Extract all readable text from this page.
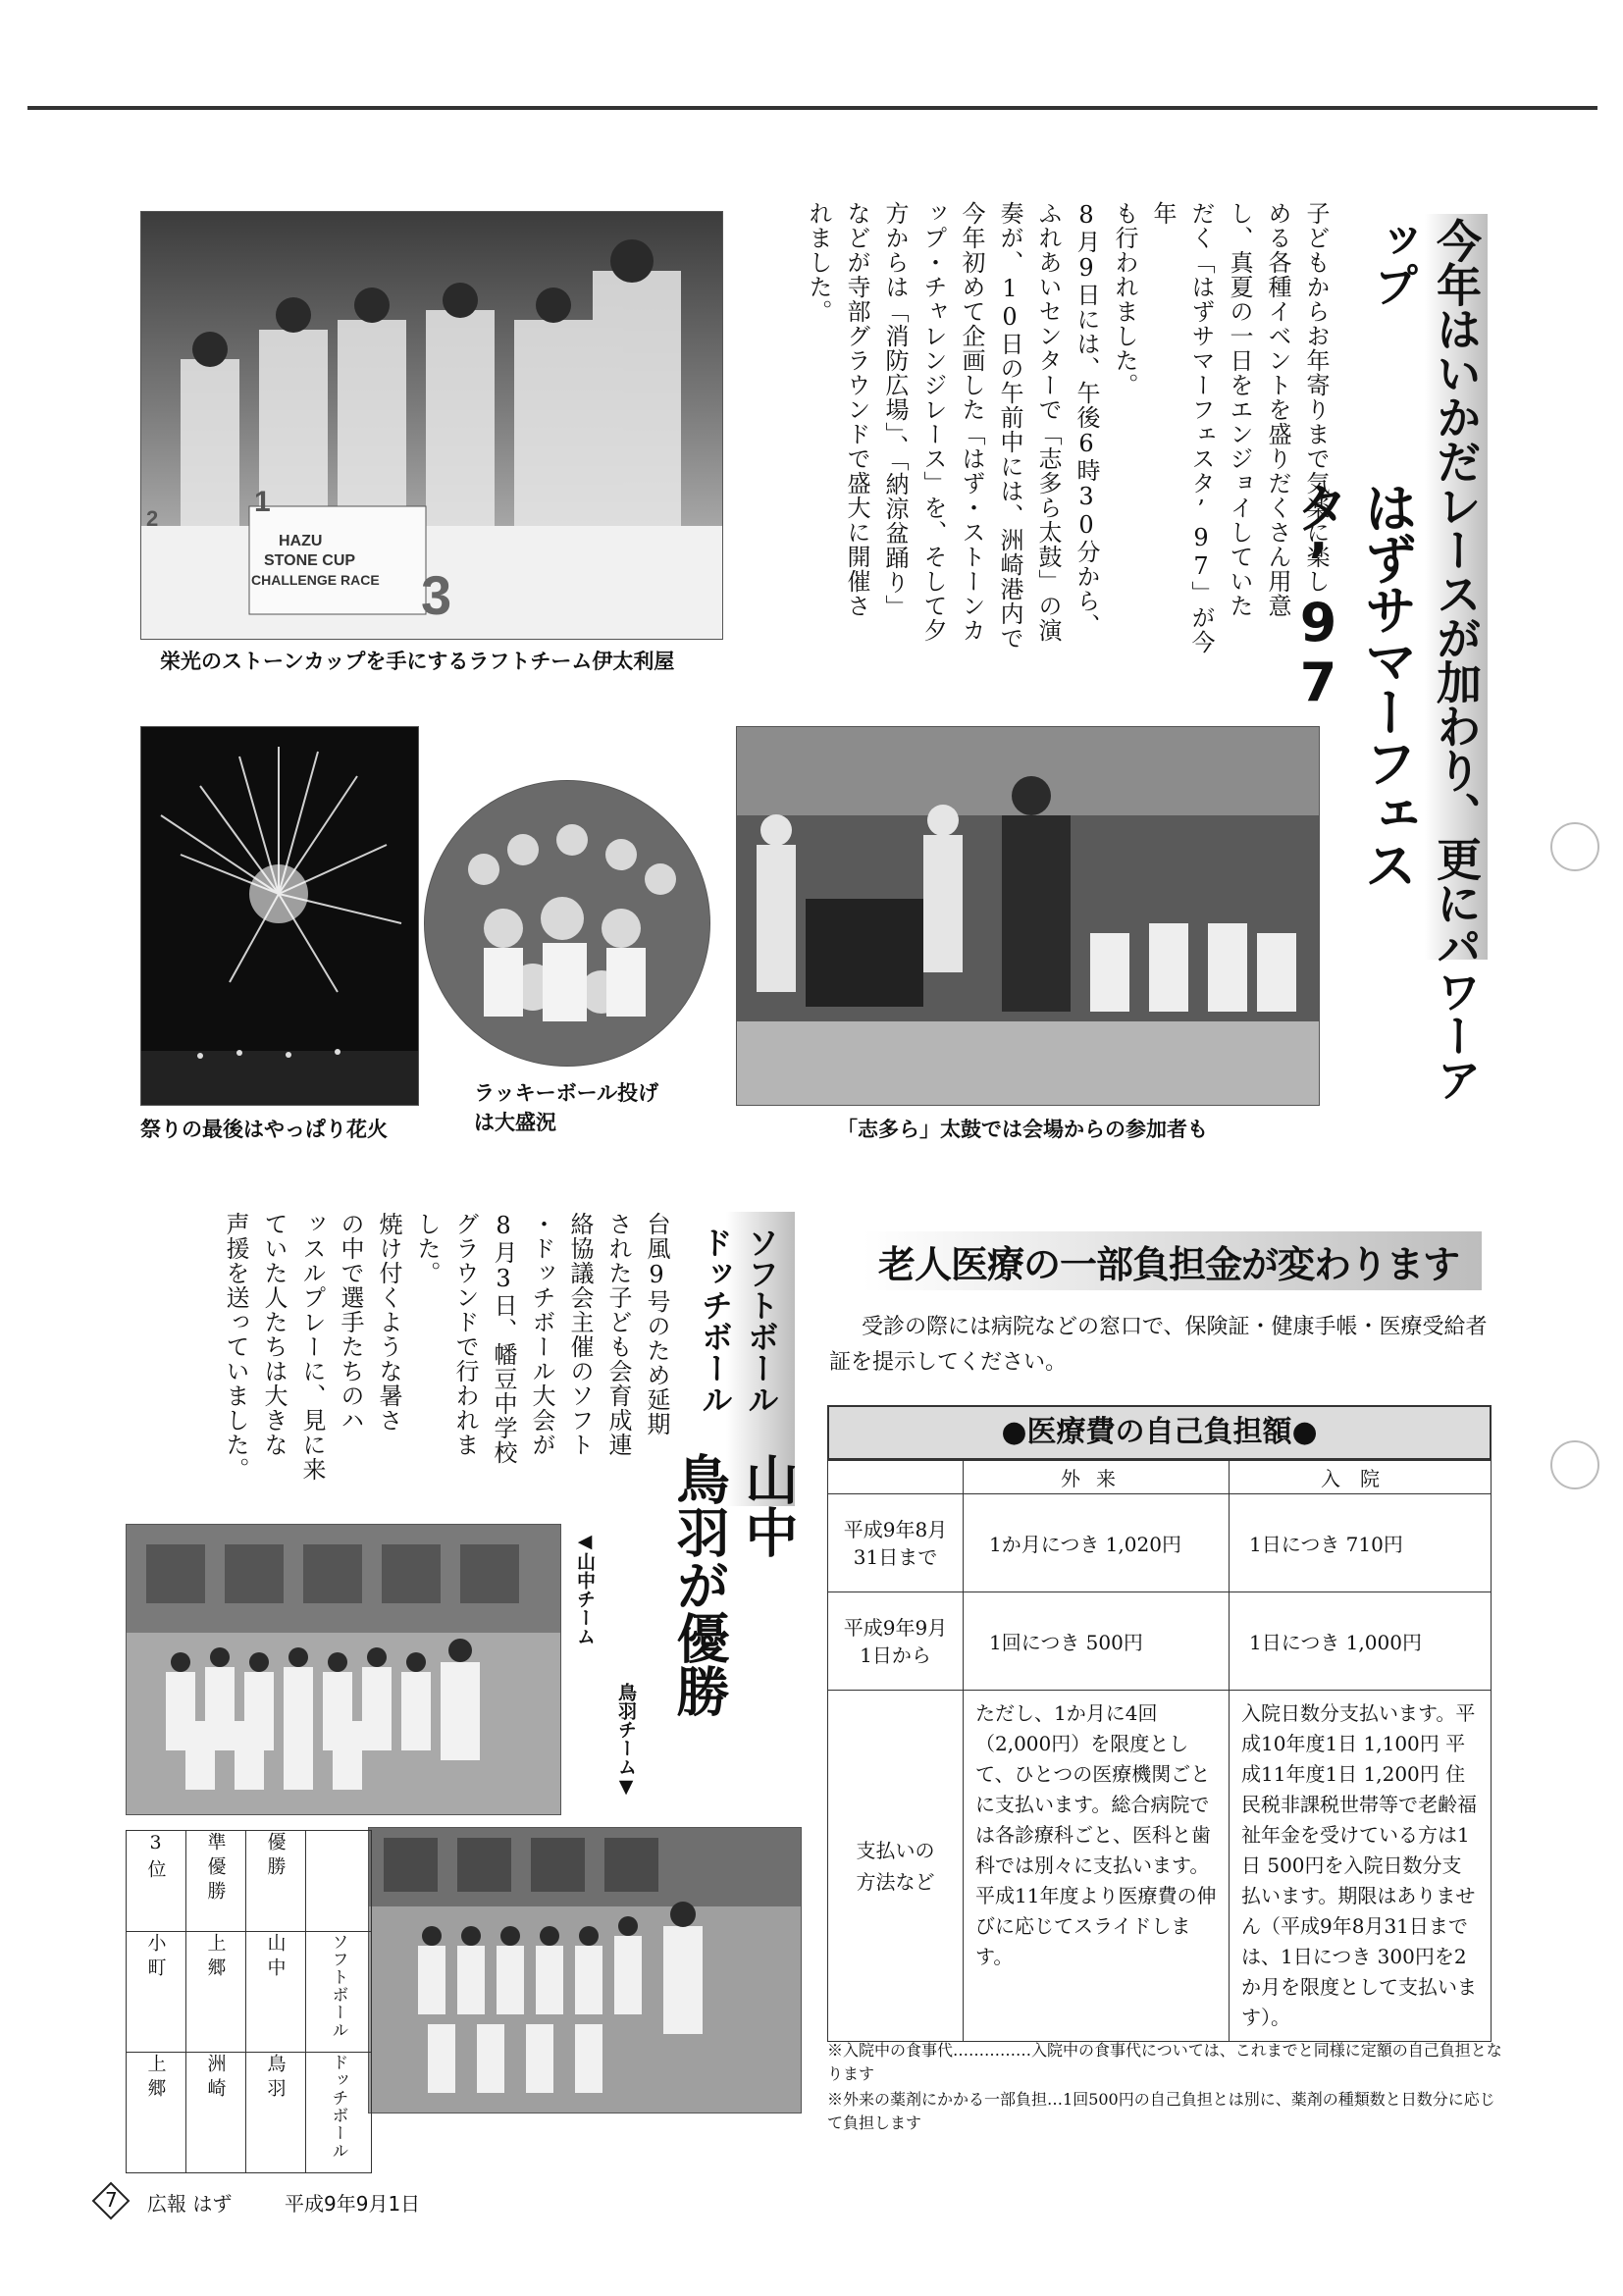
今年はいかだレースが加わり、更にパワーアップ
はずサマーフェスタ’97
子どもからお年寄りまで気楽に楽し
める各種イベントを盛りだくさん用意
し、真夏の一日をエンジョイしていた
だく「はずサマーフェスタ’97」が今年
も行われました。
8月9日には、午後6時30分から、
ふれあいセンターで「志多ら太鼓」の演
奏が、10日の午前中には、洲崎港内で
今年初めて企画した「はず・ストーンカ
ップ・チャレンジレース」を、そして夕
方からは「消防広場」、「納涼盆踊り」
などが寺部グラウンドで盛大に開催さ
れました。
HAZU
STONE CUP
CHALLENGE RACE 3
1
2
栄光のストーンカップを手にするラフトチーム伊太利屋
祭りの最後はやっぱり花火
ラッキーボール投げ
は大盛況	「志多ら」太鼓では会場からの参加者も
ソフトボール
ドッチボール
山中
鳥羽が優勝
台風9号のため延期
された子ども会育成連
絡協議会主催のソフト
・ドッチボール大会が
8月3日、幡豆中学校
グラウンドで行われま
した。
焼け付くような暑さ
の中で選手たちのハ
ッスルプレーに、見に来
ていた人たちは大きな
声援を送っていました。
◀山中チーム
鳥羽チーム▼
3位	準優勝	優勝	

小町	上郷	山中	ソフトボール

上郷	洲崎	鳥羽	ドッチボール
老人医療の一部負担金が変わります
受診の際には病院などの窓口で、保険証・健康手帳・医療受給者証を提示してください。
●医療費の自己負担額●
	外来	入院
平成9年8月31日まで	1か月につき 1,020円	1日につき 710円
平成9年9月1日から	1回につき 500円	1日につき 1,000円
支払いの方法など	ただし、1か月に4回（2,000円）を限度として、ひとつの医療機関ごとに支払います。総合病院では各診療科ごと、医科と歯科では別々に支払います。平成11年度より医療費の伸びに応じてスライドします。	入院日数分支払います。平成10年度1日 1,100円 平成11年度1日 1,200円 住民税非課税世帯等で老齢福祉年金を受けている方は1日 500円を入院日数分支払います。期限はありません（平成9年8月31日までは、1日につき 300円を2か月を限度として支払います）。
※入院中の食事代……………入院中の食事代については、これまでと同様に定額の自己負担となります
※外来の薬剤にかかる一部負担…1回500円の自己負担とは別に、薬剤の種類数と日数分に応じて負担します
7 広報 はず	平成9年9月1日
